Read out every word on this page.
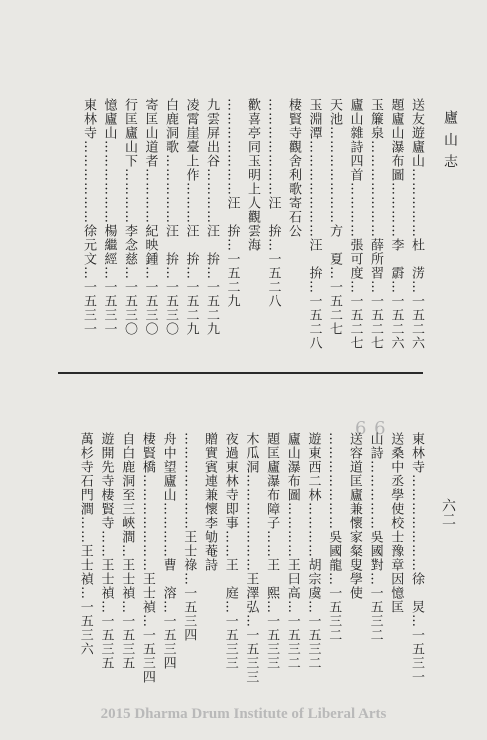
廬山志
六二
6 6
送友遊廬山……………杜　淓…一五二六
題廬山瀑布圖…………李　霨…一五二六
玉簾泉…………………薛所習…一五二七
廬山雜詩四首…………張可度…一五二七
天池…………………方　夏…一五二七
玉淵潭…………………汪　拚…一五二八
棲賢寺觀舍利歌寄石公
…………………汪　拚…一五二八
歡喜亭同玉明上人觀雲海
…………………汪　拚…一五二九
九雲屏出谷…………汪　拚…一五二九
凌霄崖臺上作………汪　拚…一五二九
白鹿洞歌……………汪　拚…一五三〇
寄匡山道者…………紀映鍾…一五三〇
行匡廬山下…………李念慈…一五三〇
憶廬山………………楊繼經…一五三一
東林寺………………徐元文…一五三一
東林寺…………………徐　炅…一五三一
送桑中丞學使校士豫章因憶匡
山詩……………吳國對…一五三二
送容道匡廬兼懷家粲叟學使
…………………吳國龍…一五三二
遊東西二林…………胡宗虞…一五三二
廬山瀑布圖…………王曰高…一五三二
題匡廬瀑布障子……王　熙…一五三三
木瓜洞…………………王澤弘…一五三三
夜過東林寺即事……王　庭…一五三三
贈實賓連兼懷李劬菴詩
…………………王士祿…一五三四
舟中望廬山…………曹　溶…一五三四
棲賢橋…………………王士禎…一五三四
自白鹿洞至三峽澗…王士禎…一五三五
遊開先寺棲賢寺……王士禎…一五三五
萬杉寺石門澗……王士禎…一五三六
2015 Dharma Drum Institute of Liberal Arts
